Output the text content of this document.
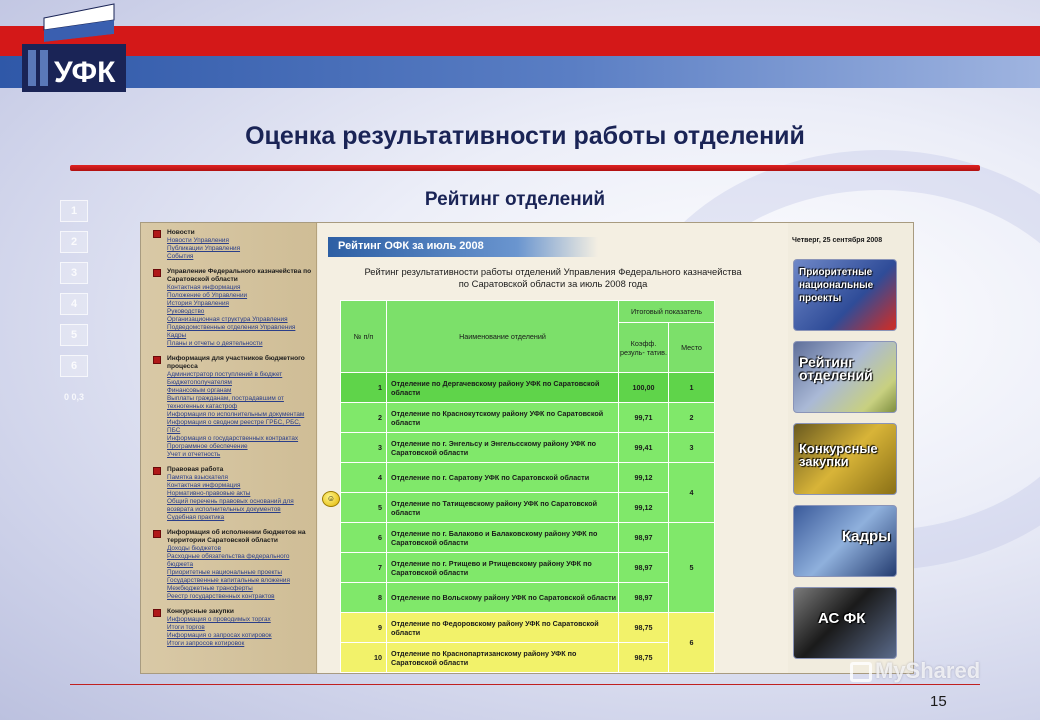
1
2
3
4
5
6
0 0,3
УФК
Оценка результативности работы отделений
Рейтинг отделений
Новости
Новости Управления
Публикации Управления
События
Управление Федерального казначейства по Саратовской области
Контактная информация
Положение об Управлении
История Управления
Руководство
Организационная структура Управления
Подведомственные отделения Управления
Кадры
Планы и отчеты о деятельности
Информация для участников бюджетного процесса
Администратор поступлений в бюджет
Бюджетополучателям
Финансовым органам
Выплаты гражданам, пострадавшим от
техногенных катастроф
Информация по исполнительным документам
Информация о сводном реестре ГРБС, РБС,
ПБС
Информация о государственных контрактах
Программное обеспечение
Учет и отчетность
Правовая работа
Памятка взыскателя
Контактная информация
Нормативно-правовые акты
Общий перечень правовых оснований для
возврата исполнительных документов
Судебная практика
Информация об исполнении бюджетов на территории Саратовской области
Доходы бюджетов
Расходные обязательства федерального
бюджета
Приоритетные национальные проекты
Государственные капитальные вложения
Межбюджетные трансферты
Реестр государственных контрактов
Конкурсные закупки
Информация о проводимых торгах
Итоги торгов
Информация о запросах котировок
Итоги запросов котировок
Рейтинг ОФК за июль 2008
Рейтинг результативности работы отделений Управления Федерального казначейства
по Саратовской области за июль 2008 года
☺
№ п/п	Наименование отделений	Итоговый показатель	
		Коэфф. резуль- татив.	Место
1	Отделение по Дергачевскому району УФК по Саратовской области	100,00	1
2	Отделение по Краснокутскому району УФК по Саратовской области	99,71	2
3	Отделение по г. Энгельсу и Энгельсскому району УФК по Саратовской области	99,41	3
4	Отделение по г. Саратову УФК по Саратовской области	99,12	4
5	Отделение по Татищевскому району УФК по Саратовской области	99,12	
6	Отделение по г. Балаково и Балаковскому району УФК по Саратовской области	98,97	5
7	Отделение по г. Ртищево и Ртищевскому району УФК по Саратовской области	98,97	
8	Отделение по Вольскому району УФК по Саратовской области	98,97	
9	Отделение по Федоровскому району УФК по Саратовской области	98,75	6
10	Отделение по Краснопартизанскому району УФК по Саратовской области	98,75	
Четверг, 25 сентября 2008
Приоритетные национальные проекты
Рейтинг отделений
Конкурсные закупки
Кадры
АС ФК
MyShared
15
